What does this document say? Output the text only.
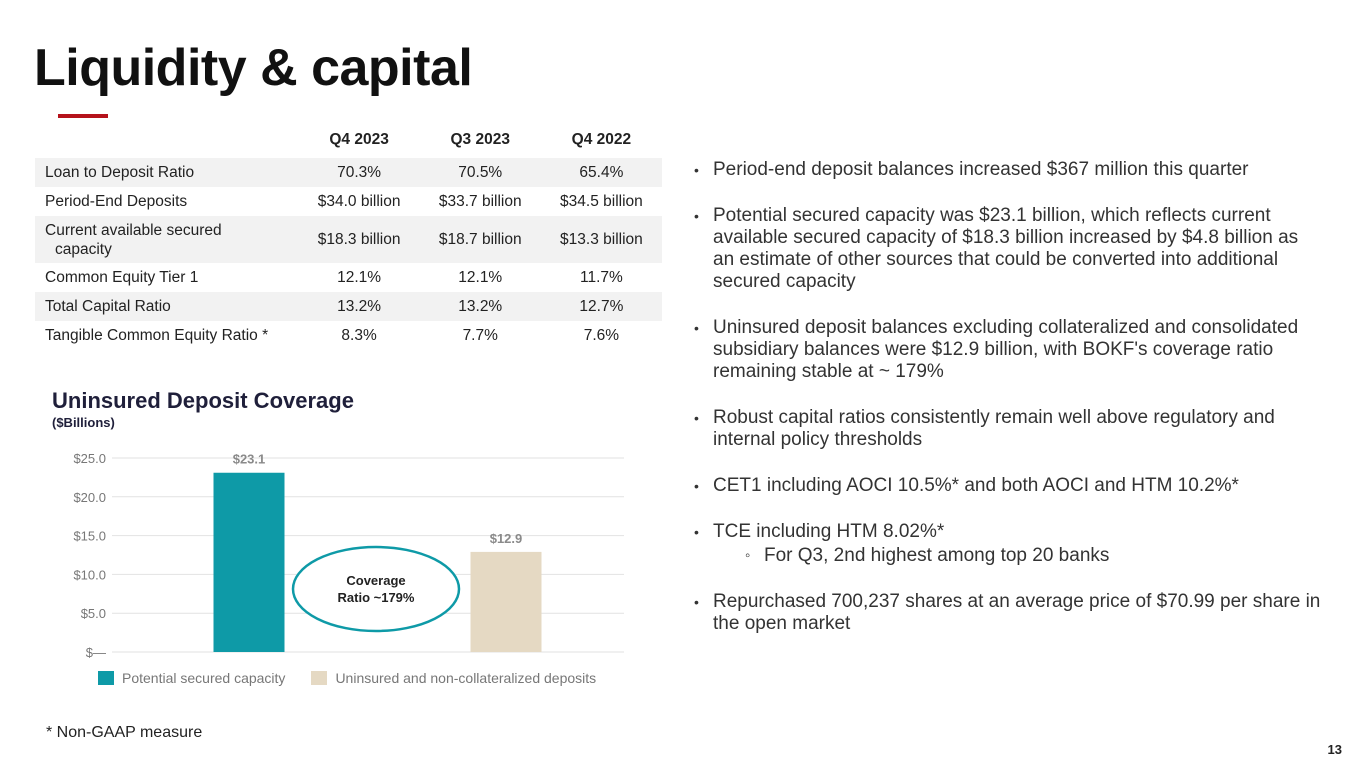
Liquidity & capital
	Q4 2023	Q3 2023	Q4 2022
Loan to Deposit Ratio	70.3%	70.5%	65.4%
Period-End Deposits	$34.0 billion	$33.7 billion	$34.5 billion

Current available secured
capacity	$18.3 billion	$18.7 billion	$13.3 billion
Common Equity Tier 1	12.1%	12.1%	11.7%
Total Capital Ratio	13.2%	13.2%	12.7%
Tangible Common Equity Ratio *	8.3%	7.7%	7.6%
Uninsured Deposit Coverage
($Billions)
$—
$5.0
$10.0
$15.0
$20.0
$25.0	$23.1
$12.9
Coverage
Ratio ~179%
Potential secured capacity	Uninsured and non-collateralized deposits
* Non-GAAP measure
13
• Period-end deposit balances increased $367 million this quarter
• Potential secured capacity was $23.1 billion, which reflects current available secured capacity of $18.3 billion increased by $4.8 billion as an estimate of other sources that could be converted into additional secured capacity
• Uninsured deposit balances excluding collateralized and consolidated subsidiary balances were $12.9 billion, with BOKF's coverage ratio remaining stable at ~ 179%
• Robust capital ratios consistently remain well above regulatory and internal policy thresholds
• CET1 including AOCI 10.5%* and both AOCI and HTM 10.2%*
• TCE including HTM 8.02%*
◦ For Q3, 2nd highest among top 20 banks
• Repurchased 700,237 shares at an average price of $70.99 per share in the open market
